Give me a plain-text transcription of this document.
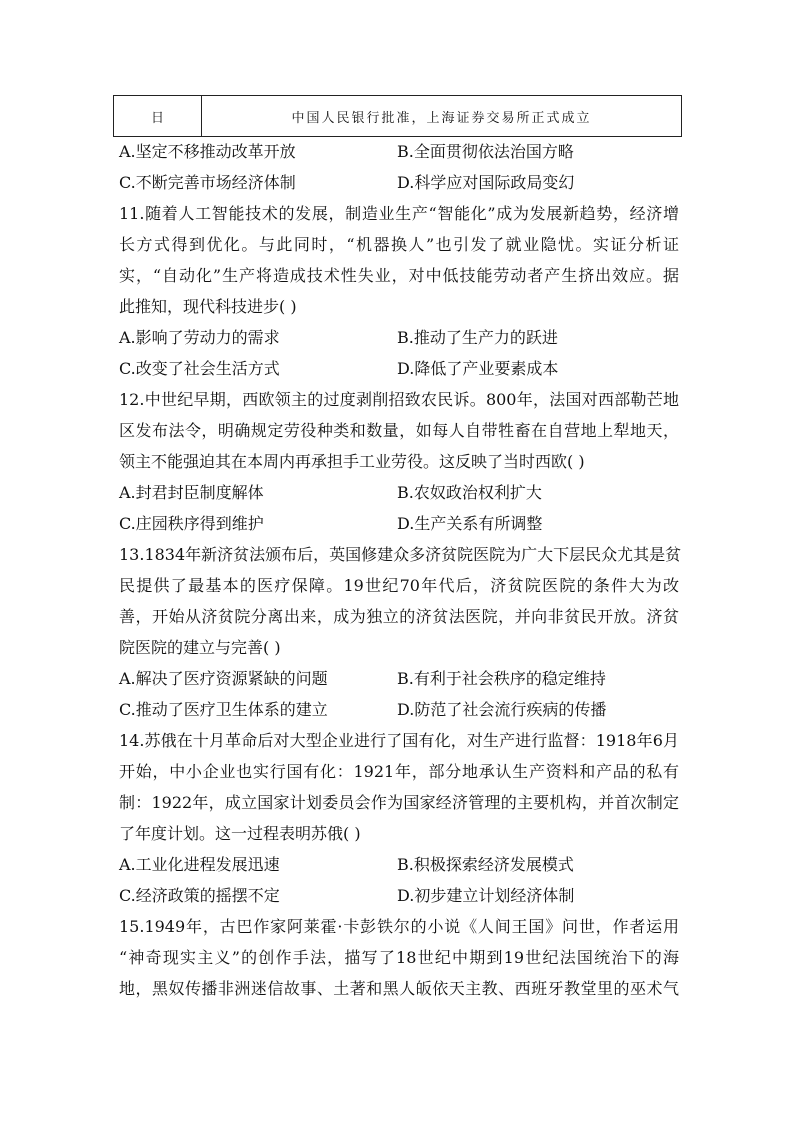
日	中国人民银行批准，上海证券交易所正式成立
A.坚定不移推动改革开放	B.全面贯彻依法治国方略
C.不断完善市场经济体制	D.科学应对国际政局变幻
11.随着人工智能技术的发展，制造业生产“智能化”成为发展新趋势，经济增
长方式得到优化。与此同时，“机器换人”也引发了就业隐忧。实证分析证
实，“自动化”生产将造成技术性失业，对中低技能劳动者产生挤出效应。据
此推知，现代科技进步( )
A.影响了劳动力的需求	B.推动了生产力的跃进
C.改变了社会生活方式	D.降低了产业要素成本
12.中世纪早期，西欧领主的过度剥削招致农民诉。800年，法国对西部勒芒地
区发布法令，明确规定劳役种类和数量，如每人自带牲畜在自营地上犁地天，
领主不能强迫其在本周内再承担手工业劳役。这反映了当时西欧( )
A.封君封臣制度解体	B.农奴政治权利扩大
C.庄园秩序得到维护	D.生产关系有所调整
13.1834年新济贫法颁布后，英国修建众多济贫院医院为广大下层民众尤其是贫
民提供了最基本的医疗保障。19世纪70年代后，济贫院医院的条件大为改
善，开始从济贫院分离出来，成为独立的济贫法医院，并向非贫民开放。济贫
院医院的建立与完善( )
A.解决了医疗资源紧缺的问题	B.有利于社会秩序的稳定维持
C.推动了医疗卫生体系的建立	D.防范了社会流行疾病的传播
14.苏俄在十月革命后对大型企业进行了国有化，对生产进行监督：1918年6月
开始，中小企业也实行国有化：1921年，部分地承认生产资料和产品的私有
制：1922年，成立国家计划委员会作为国家经济管理的主要机构，并首次制定
了年度计划。这一过程表明苏俄( )
A.工业化进程发展迅速	B.积极探索经济发展模式
C.经济政策的摇摆不定	D.初步建立计划经济体制
15.1949年，古巴作家阿莱霍·卡彭铁尔的小说《人间王国》问世，作者运用
“神奇现实主义”的创作手法，描写了18世纪中期到19世纪法国统治下的海
地，黑奴传播非洲迷信故事、土著和黑人皈依天主教、西班牙教堂里的巫术气
